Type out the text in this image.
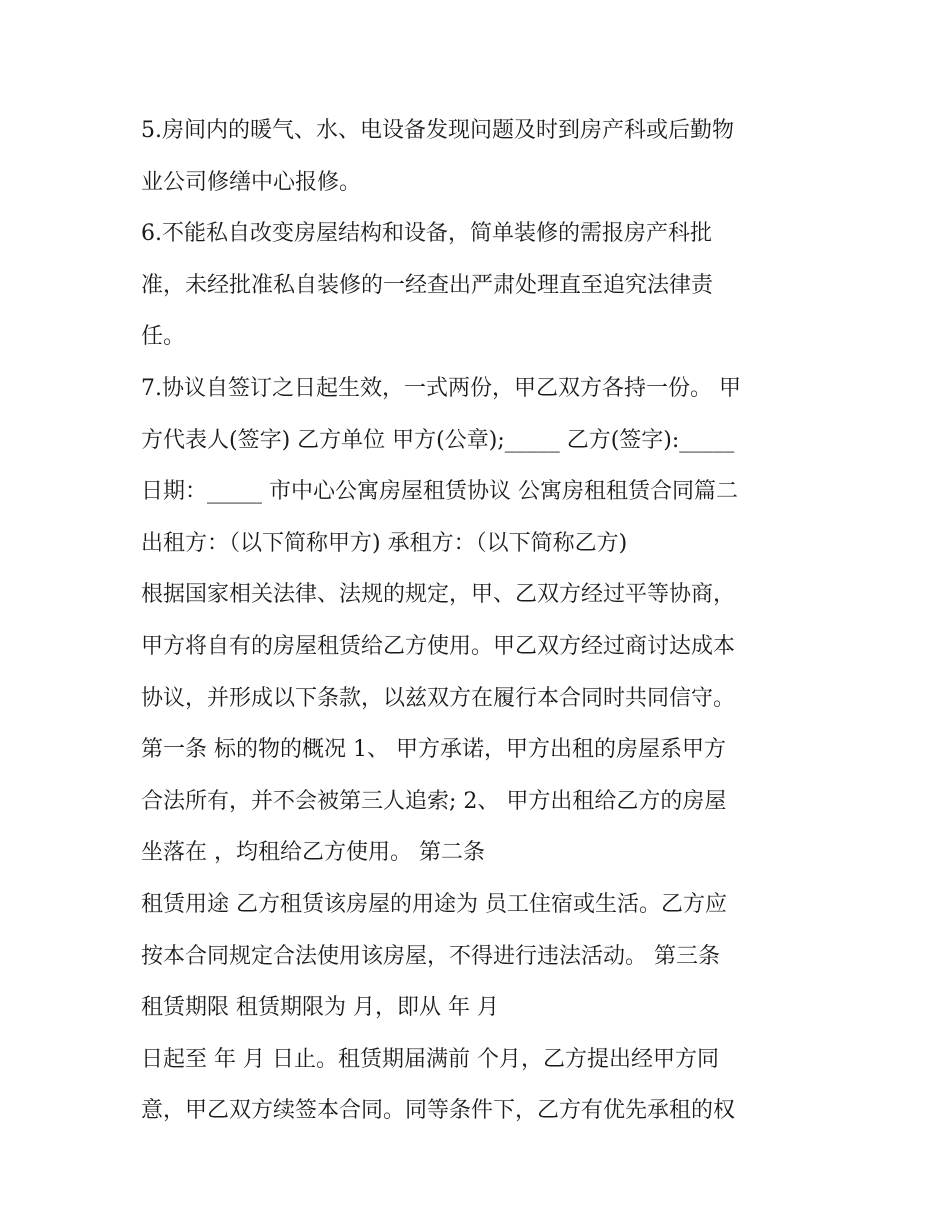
5.房间内的暖气、水、电设备发现问题及时到房产科或后勤物
业公司修缮中心报修。
6.不能私自改变房屋结构和设备，简单装修的需报房产科批
准，未经批准私自装修的一经查出严肃处理直至追究法律责
任。
7.协议自签订之日起生效，一式两份，甲乙双方各持一份。 甲
方代表人(签字) 乙方单位 甲方(公章);_____ 乙方(签字):_____
日期：_____ 市中心公寓房屋租赁协议 公寓房租租赁合同篇二
出租方：（以下简称甲方) 承租方：（以下简称乙方)
根据国家相关法律、法规的规定，甲、乙双方经过平等协商，
甲方将自有的房屋租赁给乙方使用。甲乙双方经过商讨达成本
协议，并形成以下条款，以兹双方在履行本合同时共同信守。
第一条 标的物的概况 1、 甲方承诺，甲方出租的房屋系甲方
合法所有，并不会被第三人追索; 2、 甲方出租给乙方的房屋
坐落在 ，均租给乙方使用。 第二条
租赁用途 乙方租赁该房屋的用途为 员工住宿或生活。乙方应
按本合同规定合法使用该房屋，不得进行违法活动。 第三条
租赁期限 租赁期限为 月，即从 年 月
日起至 年 月 日止。租赁期届满前 个月，乙方提出经甲方同
意，甲乙双方续签本合同。同等条件下，乙方有优先承租的权
